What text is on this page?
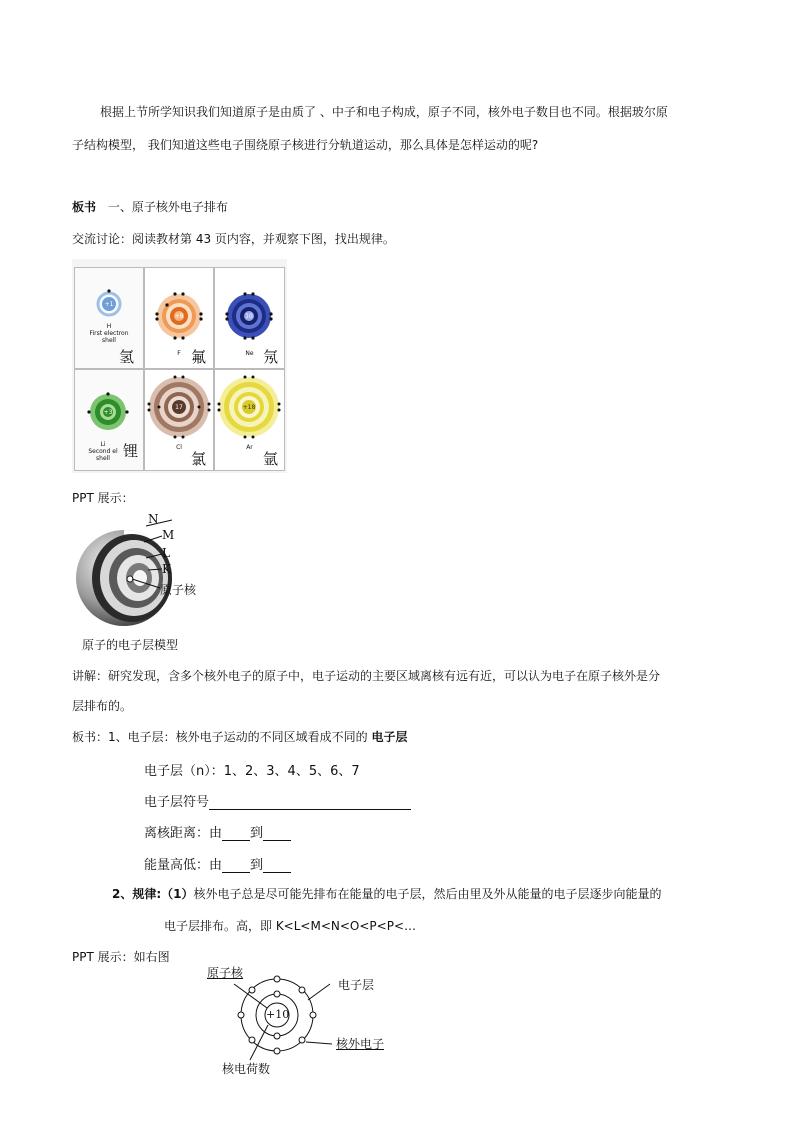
根据上节所学知识我们知道原子是由质了 、中子和电子构成，原子不同，核外电子数目也不同。根据玻尔原
子结构模型， 我们知道这些电子围绕原子核进行分轨道运动，那么具体是怎样运动的呢?
板书 一、原子核外电子排布
交流讨论：阅读教材第 43 页内容，并观察下图，找出规律。
+1
H
First electron
shell
氢
+9
F 氟
10
Ne 氖
+3
Li
Second el
shell 锂
17
Cl
氯
+18
Ar
氩
PPT 展示：
N
M
L
K
原子核
原子的电子层模型
讲解：研究发现，含多个核外电子的原子中，电子运动的主要区域离核有远有近，可以认为电子在原子核外是分
层排布的。
板书：1、电子层：核外电子运动的不同区域看成不同的 电子层
电子层（n）：1、2、3、4、5、6、7
电子层符号
离核距离：由 到
能量高低：由 到
2、规律:（1）核外电子总是尽可能先排布在能量的电子层，然后由里及外从能量的电子层逐步向能量的
电子层排布。高，即 K<L<M<N<O<P<P<…
PPT 展示：如右图
原子核
电子层
+10
核外电子
核电荷数
